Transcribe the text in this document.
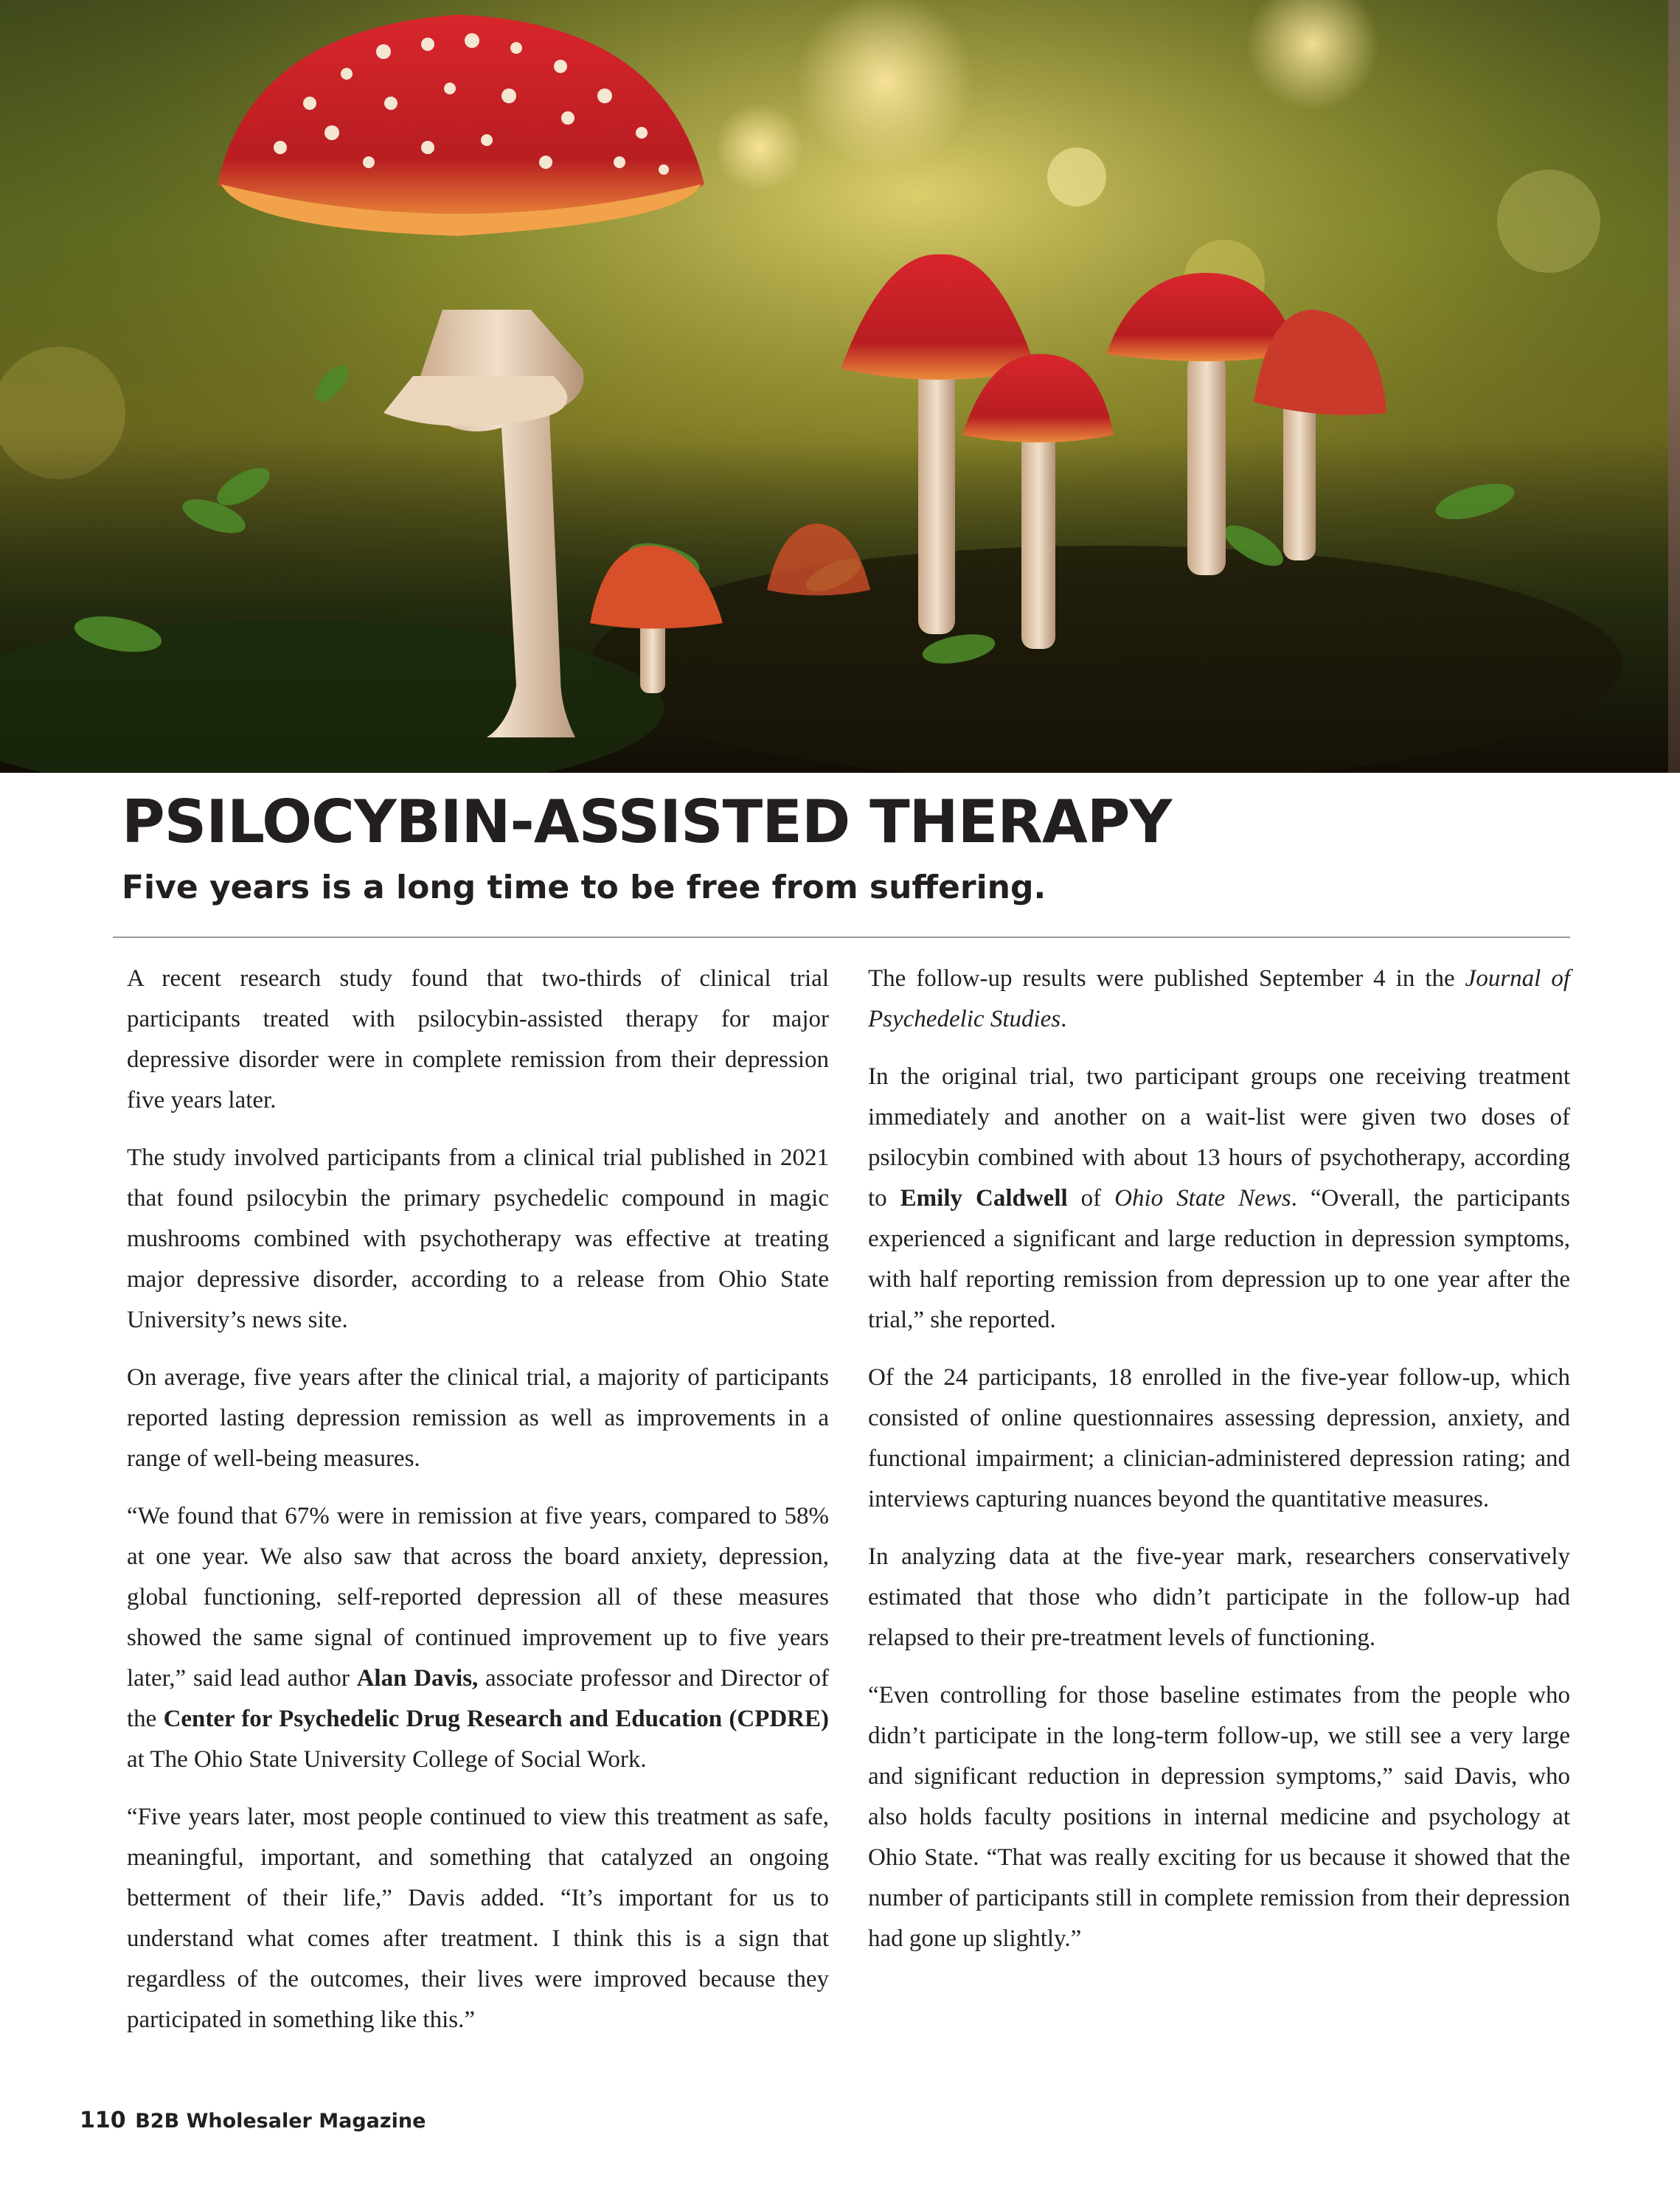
PSILOCYBIN-ASSISTED THERAPY
Five years is a long time to be free from suffering.

A recent research study found that two-thirds of clinical trial participants treated with psilocybin-assisted therapy for major depressive disorder were in complete remission from their depression five years later.

The study involved participants from a clinical trial published in 2021 that found psilocybin the primary psychedelic compound in magic mushrooms combined with psychotherapy was effective at treating major depressive disorder, according to a release from Ohio State University’s news site.

On average, five years after the clinical trial, a majority of participants reported lasting depression remission as well as improvements in a range of well-being measures.

“We found that 67% were in remission at five years, compared to 58% at one year. We also saw that across the board anxiety, depression, global functioning, self-reported depression all of these measures showed the same signal of continued improvement up to five years later,” said lead author Alan Davis, associate professor and Director of the Center for Psychedelic Drug Research and Education (CPDRE) at The Ohio State University College of Social Work.

“Five years later, most people continued to view this treatment as safe, meaningful, important, and something that catalyzed an ongoing betterment of their life,” Davis added. “It’s important for us to understand what comes after treatment. I think this is a sign that regardless of the outcomes, their lives were improved because they participated in something like this.”

The follow-up results were published September 4 in the Journal of Psychedelic Studies.

In the original trial, two participant groups one receiving treatment immediately and another on a wait-list were given two doses of psilocybin combined with about 13 hours of psychotherapy, according to Emily Caldwell of Ohio State News. “Overall, the participants experienced a significant and large reduction in depression symptoms, with half reporting remission from depression up to one year after the trial,” she reported.

Of the 24 participants, 18 enrolled in the five-year follow-up, which consisted of online questionnaires assessing depression, anxiety, and functional impairment; a clinician-administered depression rating; and interviews capturing nuances beyond the quantitative measures.

In analyzing data at the five-year mark, researchers conservatively estimated that those who didn’t participate in the follow-up had relapsed to their pre-treatment levels of functioning.

“Even controlling for those baseline estimates from the people who didn’t participate in the long-term follow-up, we still see a very large and significant reduction in depression symptoms,” said Davis, who also holds faculty positions in internal medicine and psychology at Ohio State. “That was really exciting for us because it showed that the number of participants still in complete remission from their depression had gone up slightly.”

110 B2B Wholesaler Magazine
